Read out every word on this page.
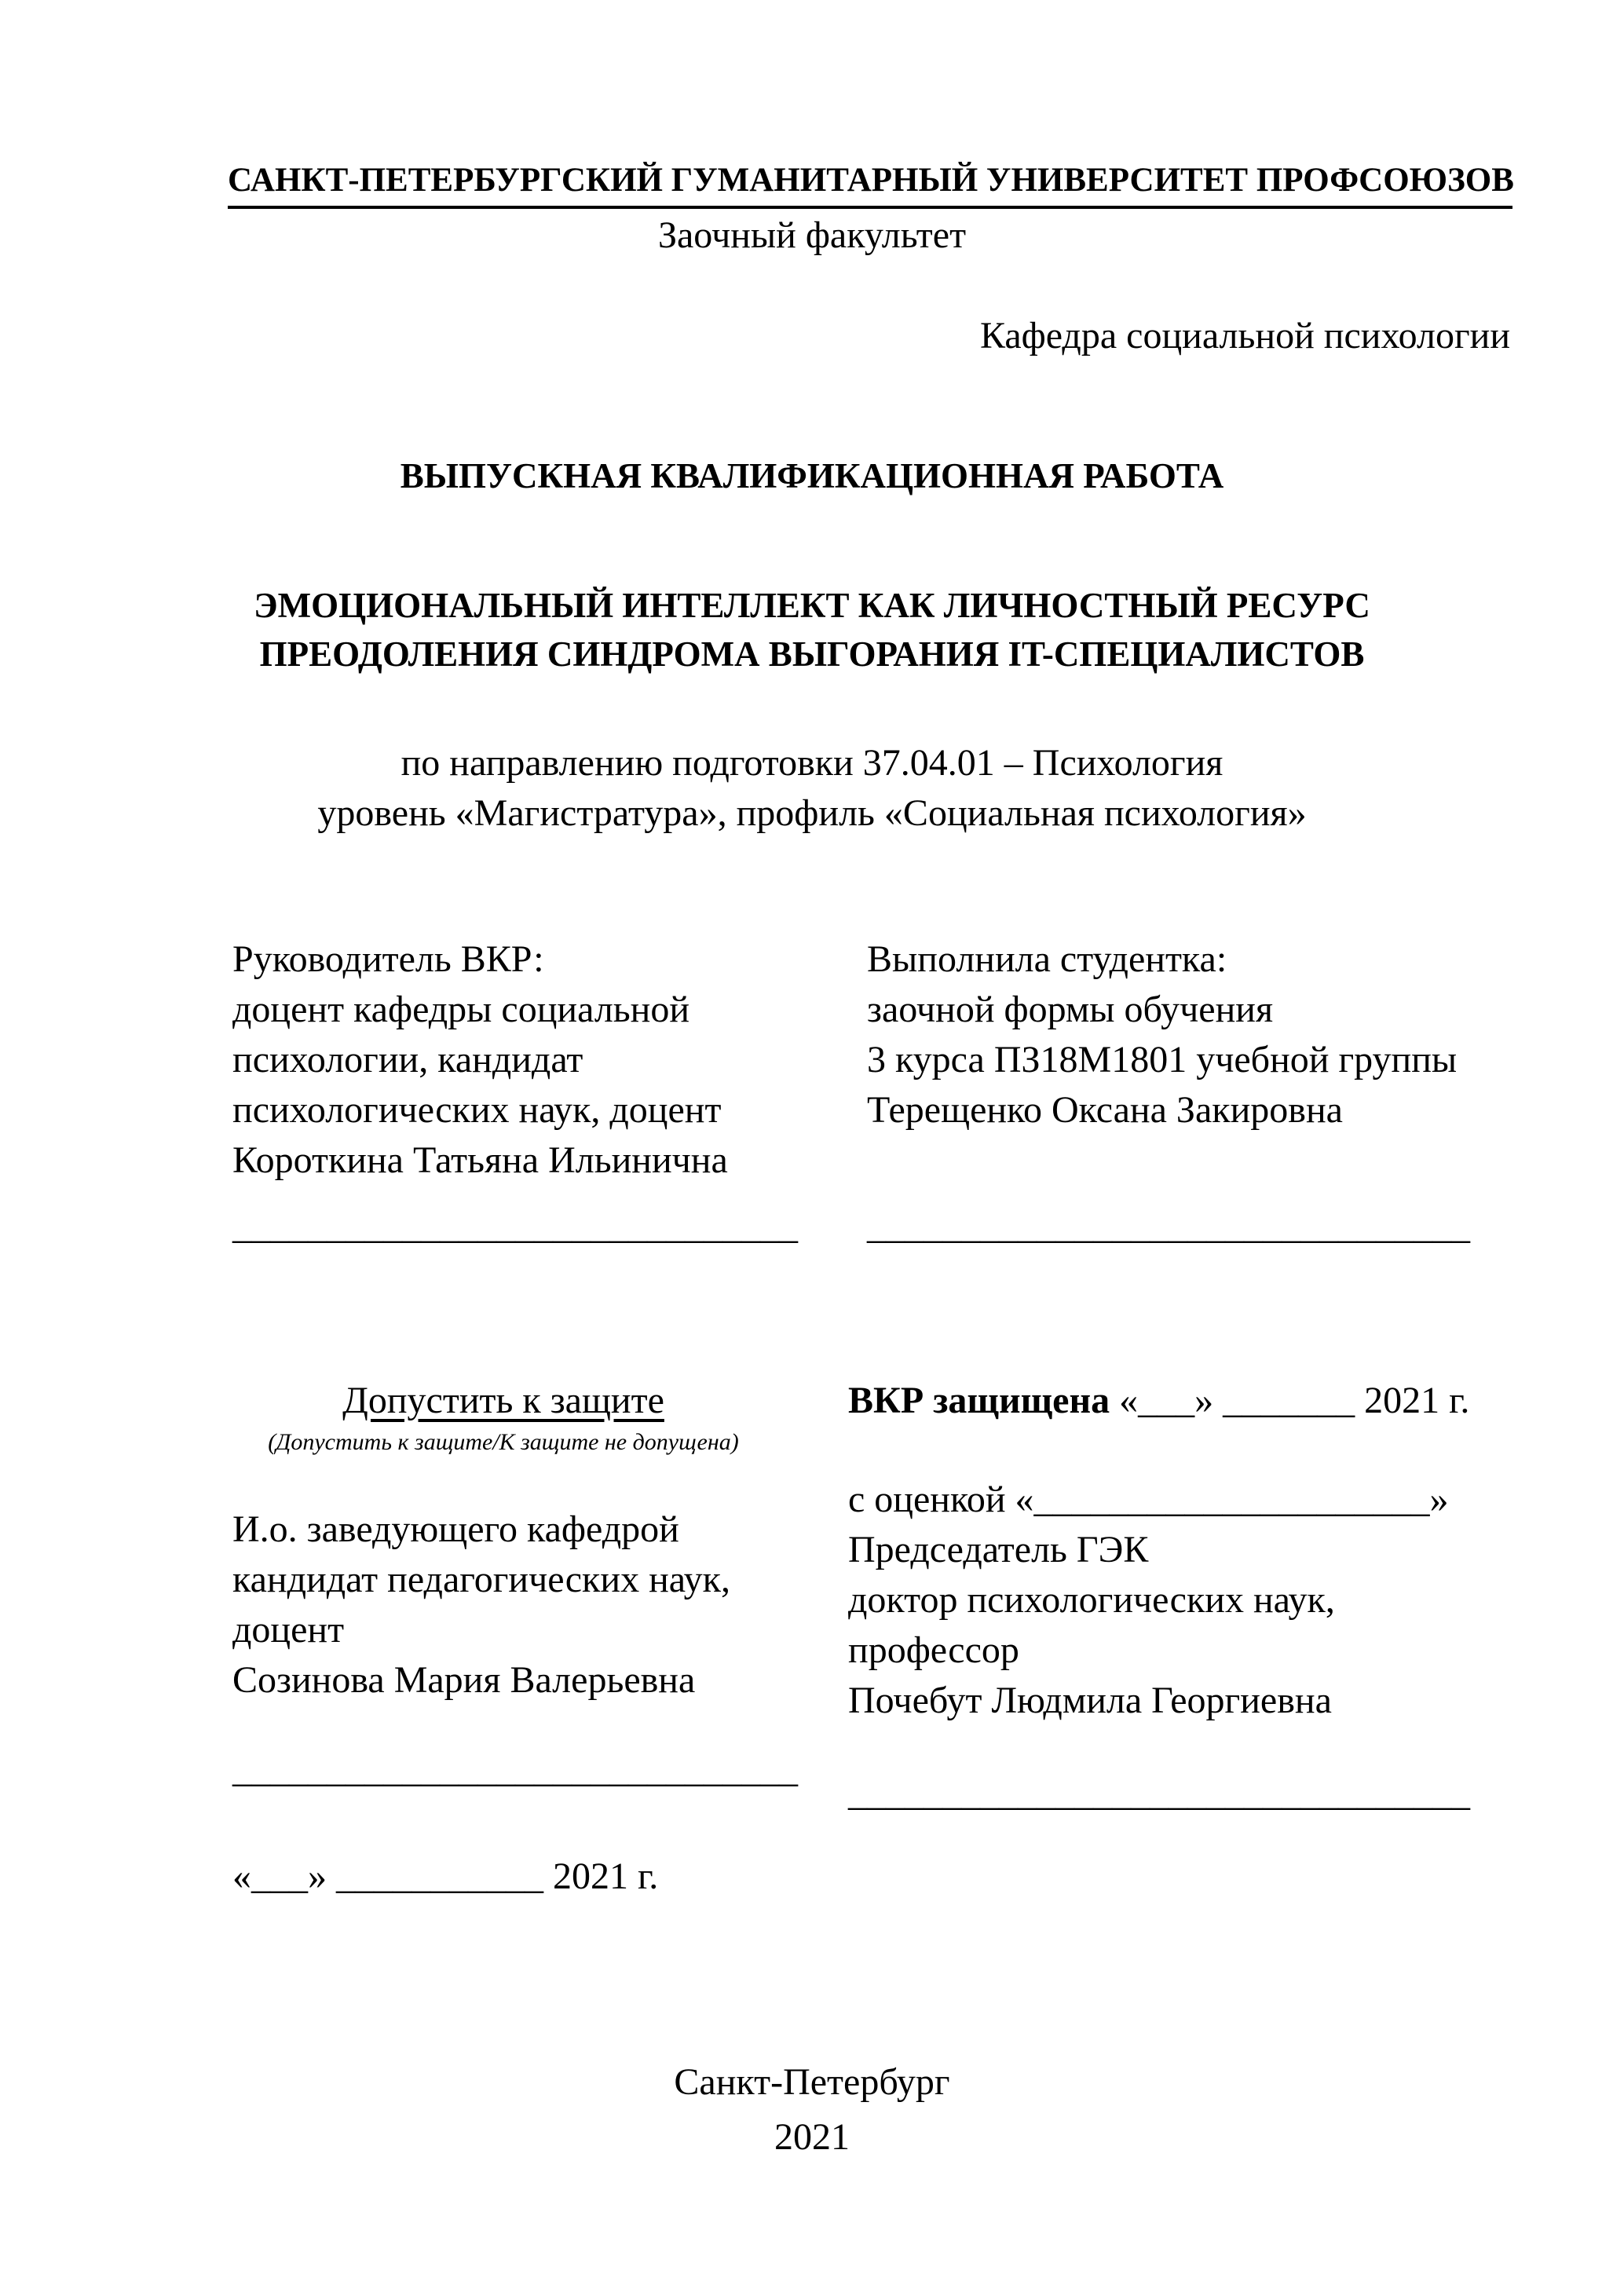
САНКТ-ПЕТЕРБУРГСКИЙ ГУМАНИТАРНЫЙ УНИВЕРСИТЕТ ПРОФСОЮЗОВ
Заочный факультет
Кафедра социальной психологии
ВЫПУСКНАЯ КВАЛИФИКАЦИОННАЯ РАБОТА
ЭМОЦИОНАЛЬНЫЙ ИНТЕЛЛЕКТ КАК ЛИЧНОСТНЫЙ РЕСУРС
ПРЕОДОЛЕНИЯ СИНДРОМА ВЫГОРАНИЯ IT-СПЕЦИАЛИСТОВ
по направлению подготовки 37.04.01 – Психология
уровень «Магистратура», профиль «Социальная психология»
Руководитель ВКР:
доцент кафедры социальной
психологии, кандидат
психологических наук, доцент
Короткина Татьяна Ильинична
Выполнила студентка:
заочной формы обучения
3 курса ПЗ18М1801 учебной группы
Терещенко Оксана Закировна
______________________________ ________________________________
Допустить к защите
(Допустить к защите/К защите не допущена)
ВКР защищена «___» _______ 2021 г.
И.о. заведующего кафедрой
кандидат педагогических наук,
доцент
Созинова Мария Валерьевна
с оценкой «_____________________»
Председатель ГЭК
доктор психологических наук,
профессор
Почебут Людмила Георгиевна
______________________________
_________________________________
«___» ___________ 2021 г.
Санкт-Петербург
2021
